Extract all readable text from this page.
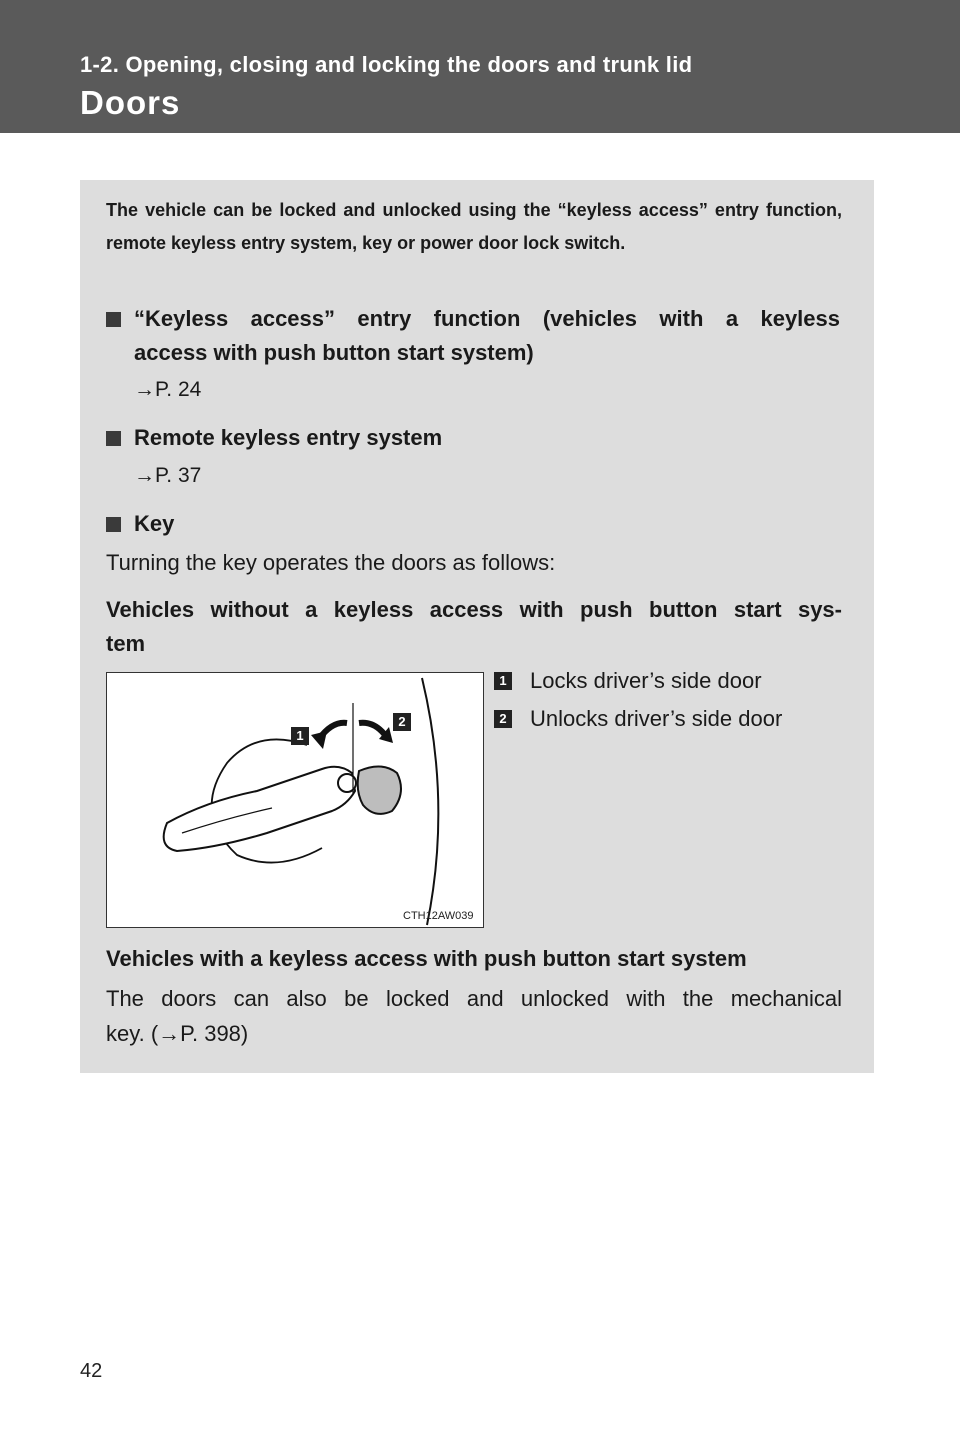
1-2. Opening, closing and locking the doors and trunk lid
Doors

The vehicle can be locked and unlocked using the “keyless access” entry function, remote keyless entry system, key or power door lock switch.

“Keyless access” entry function (vehicles with a keyless

access with push button start system)

→P. 24

Remote keyless entry system

→P. 37

Key

Turning the key operates the doors as follows:

Vehicles without a keyless access with push button start sys-

tem

1
2
CTH12AW039
1 Locks driver’s side door

2 Unlocks driver’s side door

Vehicles with a keyless access with push button start system

The doors can also be locked and unlocked with the mechanical

key. (→P. 398)

42
